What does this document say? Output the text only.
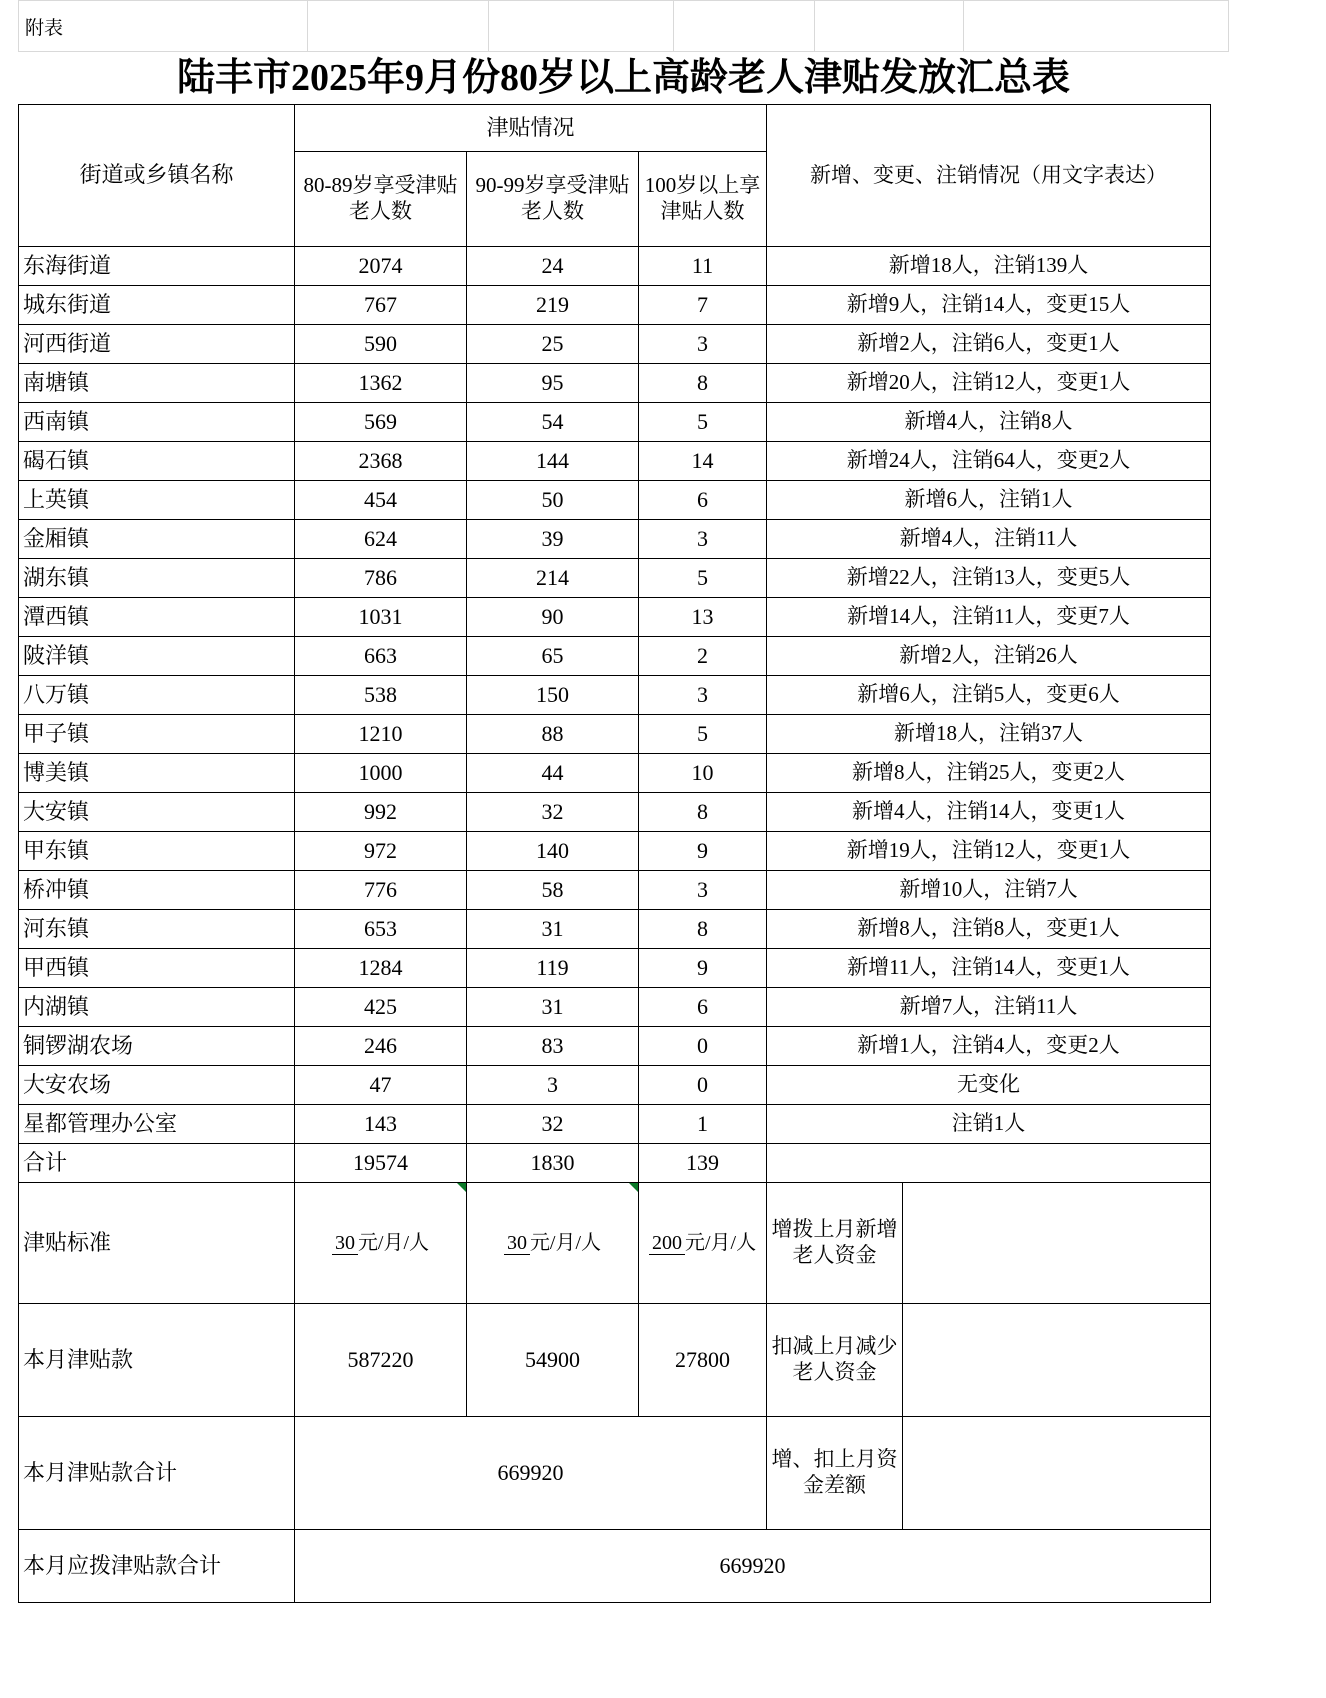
附表					
陆丰市2025年9月份80岁以上高龄老人津贴发放汇总表
街道或乡镇名称	津贴情况			新增、变更、注销情况（用文字表达）	
	80-89岁享受津贴老人数	90-99岁享受津贴老人数	100岁以上享津贴人数		
东海街道	2074	24	11	新增18人，注销139人	
城东街道	767	219	7	新增9人，注销14人，变更15人	
河西街道	590	25	3	新增2人，注销6人，变更1人	
南塘镇	1362	95	8	新增20人，注销12人，变更1人	
西南镇	569	54	5	新增4人，注销8人	
碣石镇	2368	144	14	新增24人，注销64人，变更2人	
上英镇	454	50	6	新增6人，注销1人	
金厢镇	624	39	3	新增4人，注销11人	
湖东镇	786	214	5	新增22人，注销13人，变更5人	
潭西镇	1031	90	13	新增14人，注销11人，变更7人	
陂洋镇	663	65	2	新增2人，注销26人	
八万镇	538	150	3	新增6人，注销5人，变更6人	
甲子镇	1210	88	5	新增18人，注销37人	
博美镇	1000	44	10	新增8人，注销25人，变更2人	
大安镇	992	32	8	新增4人，注销14人，变更1人	
甲东镇	972	140	9	新增19人，注销12人，变更1人	
桥冲镇	776	58	3	新增10人，注销7人	
河东镇	653	31	8	新增8人，注销8人，变更1人	
甲西镇	1284	119	9	新增11人，注销14人，变更1人	
内湖镇	425	31	6	新增7人，注销11人	
铜锣湖农场	246	83	0	新增1人，注销4人，变更2人	
大安农场	47	3	0	无变化	
星都管理办公室	143	32	1	注销1人	
合计	19574	1830	139		
津贴标准	30 元/月/人	30 元/月/人	200 元/月/人	增拨上月新增老人资金	
本月津贴款	587220	54900	27800	扣减上月减少老人资金	
本月津贴款合计	669920			增、扣上月资金差额	
本月应拨津贴款合计	669920				
